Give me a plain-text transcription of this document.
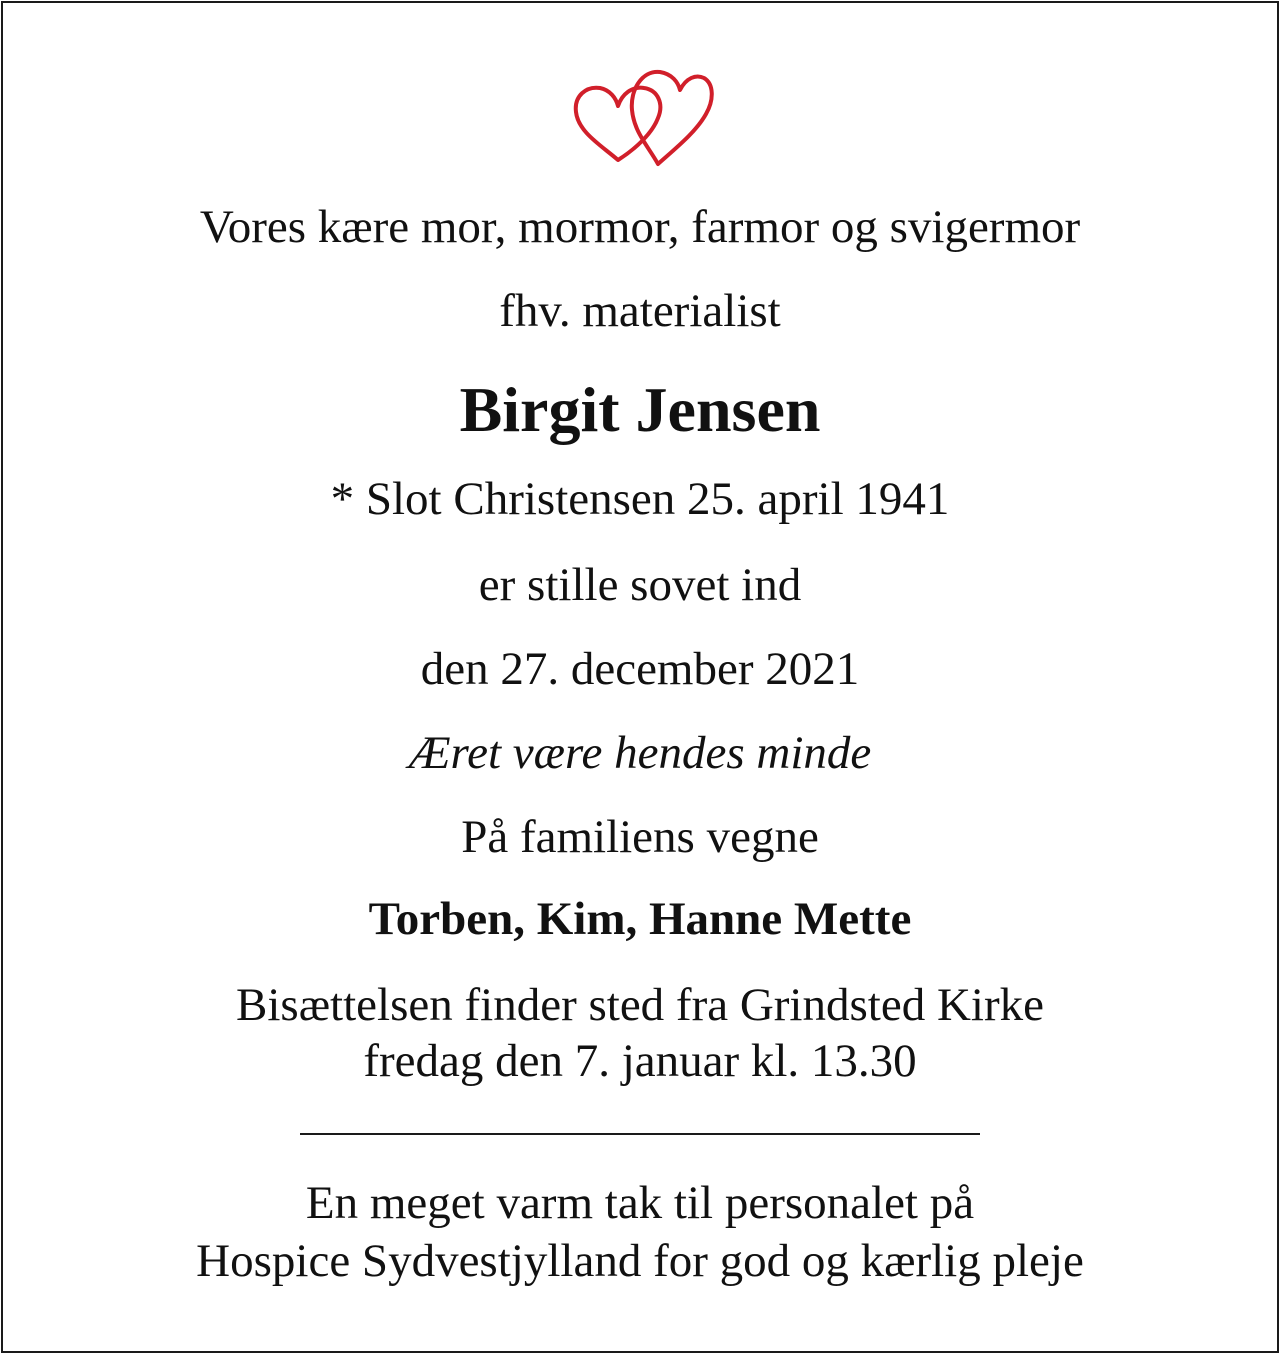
Vores kære mor, mormor, farmor og svigermor
fhv. materialist
Birgit Jensen
* Slot Christensen 25. april 1941
er stille sovet ind
den 27. december 2021
Æret være hendes minde
På familiens vegne
Torben, Kim, Hanne Mette
Bisættelsen finder sted fra Grindsted Kirke
fredag den 7. januar kl. 13.30
En meget varm tak til personalet på
Hospice Sydvestjylland for god og kærlig pleje
